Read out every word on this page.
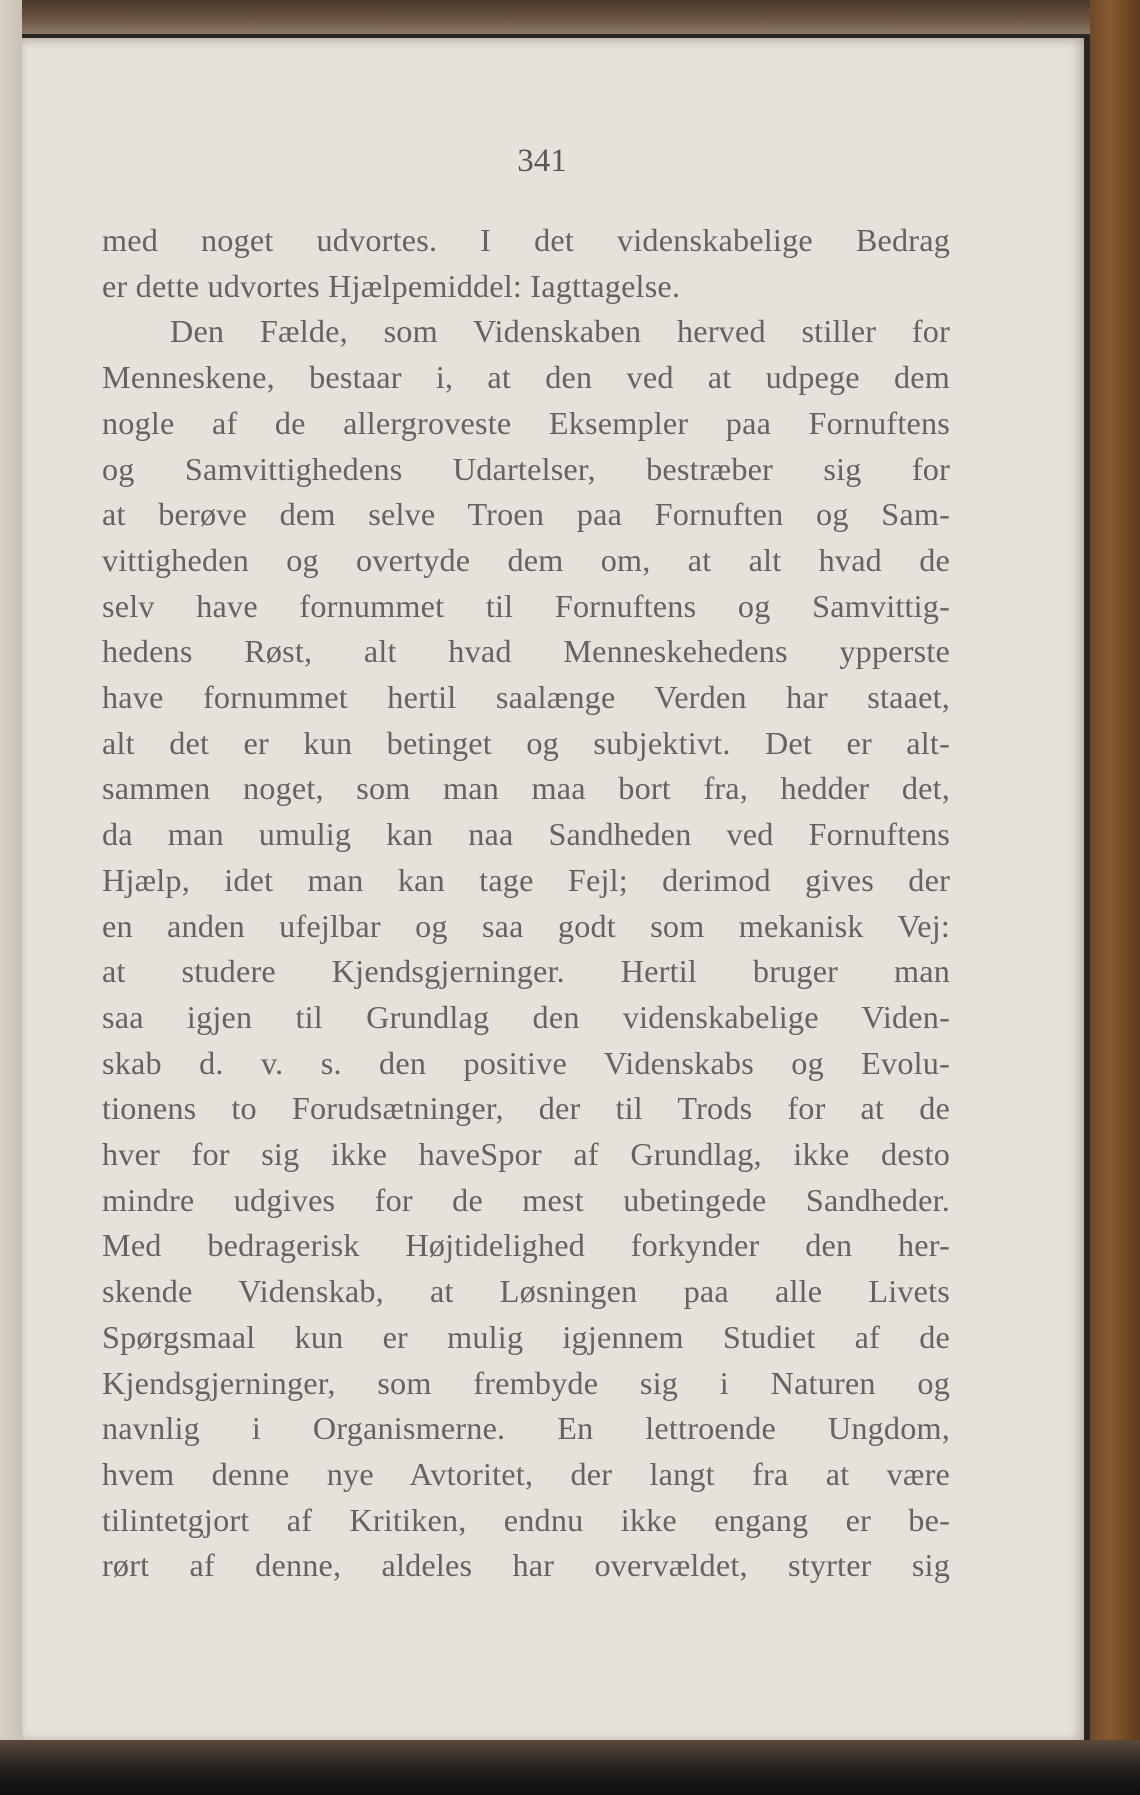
341
med noget udvortes. I det videnskabelige Bedrag
er dette udvortes Hjælpemiddel: Iagttagelse.
Den Fælde, som Videnskaben herved stiller for
Menneskene, bestaar i, at den ved at udpege dem
nogle af de allergroveste Eksempler paa Fornuftens
og Samvittighedens Udartelser, bestræber sig for
at berøve dem selve Troen paa Fornuften og Sam-
vittigheden og overtyde dem om, at alt hvad de
selv have fornummet til Fornuftens og Samvittig-
hedens Røst, alt hvad Menneskehedens ypperste
have fornummet hertil saalænge Verden har staaet,
alt det er kun betinget og subjektivt. Det er alt-
sammen noget, som man maa bort fra, hedder det,
da man umulig kan naa Sandheden ved Fornuftens
Hjælp, idet man kan tage Fejl; derimod gives der
en anden ufejlbar og saa godt som mekanisk Vej:
at studere Kjendsgjerninger. Hertil bruger man
saa igjen til Grundlag den videnskabelige Viden-
skab d. v. s. den positive Videnskabs og Evolu-
tionens to Forudsætninger, der til Trods for at de
hver for sig ikke haveSpor af Grundlag, ikke desto
mindre udgives for de mest ubetingede Sandheder.
Med bedragerisk Højtidelighed forkynder den her-
skende Videnskab, at Løsningen paa alle Livets
Spørgsmaal kun er mulig igjennem Studiet af de
Kjendsgjerninger, som frembyde sig i Naturen og
navnlig i Organismerne. En lettroende Ungdom,
hvem denne nye Avtoritet, der langt fra at være
tilintetgjort af Kritiken, endnu ikke engang er be-
rørt af denne, aldeles har overvældet, styrter sig
